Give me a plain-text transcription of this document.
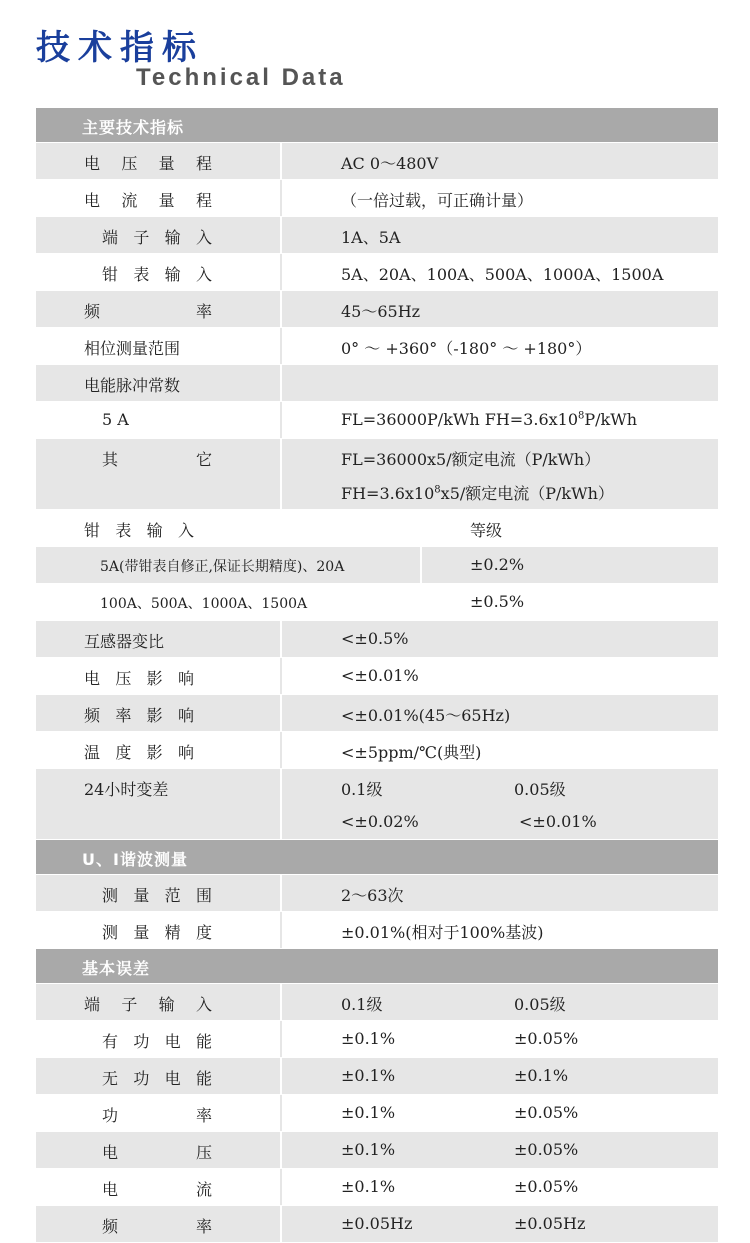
技术指标
Technical Data
主要技术指标
电压量程	AC 0～480V
电流量程	（一倍过载，可正确计量）
端子输入	1A、5A
钳表输入	5A、20A、100A、500A、1000A、1500A
频率	45～65Hz
相位测量范围	0° ～ +360°（-180° ～ +180°）
电能脉冲常数
5 A	FL=36000P/kWh $FH=3.6x10^8P$/kWh
其它	FL=36000x5/额定电流（P/kWh）
$FH=3.6x10^8x5/$额定电流（P/kWh）
钳表输入	等级
5A(带钳表自修正,保证长期精度)、20A	±0.2%
100A、500A、1000A、1500A	±0.5%
互感器变比	<±0.5%
电压影响	<±0.01%
频率影响	<±0.01%(45～65Hz)
温度影响	<±5ppm/℃(典型)
24小时变差	0.1级	0.05级
<±0.02%	<±0.01%
U、I谐波测量
测量范围	2～63次
测量精度	±0.01%(相对于100%基波)
基本误差
端子输入	0.1级	0.05级
有功电能	±0.1%	±0.05%
无功电能	±0.1%	±0.1%
功率	±0.1%	±0.05%
电压	±0.1%	±0.05%
电流	±0.1%	±0.05%
频率	±0.05Hz	±0.05Hz
